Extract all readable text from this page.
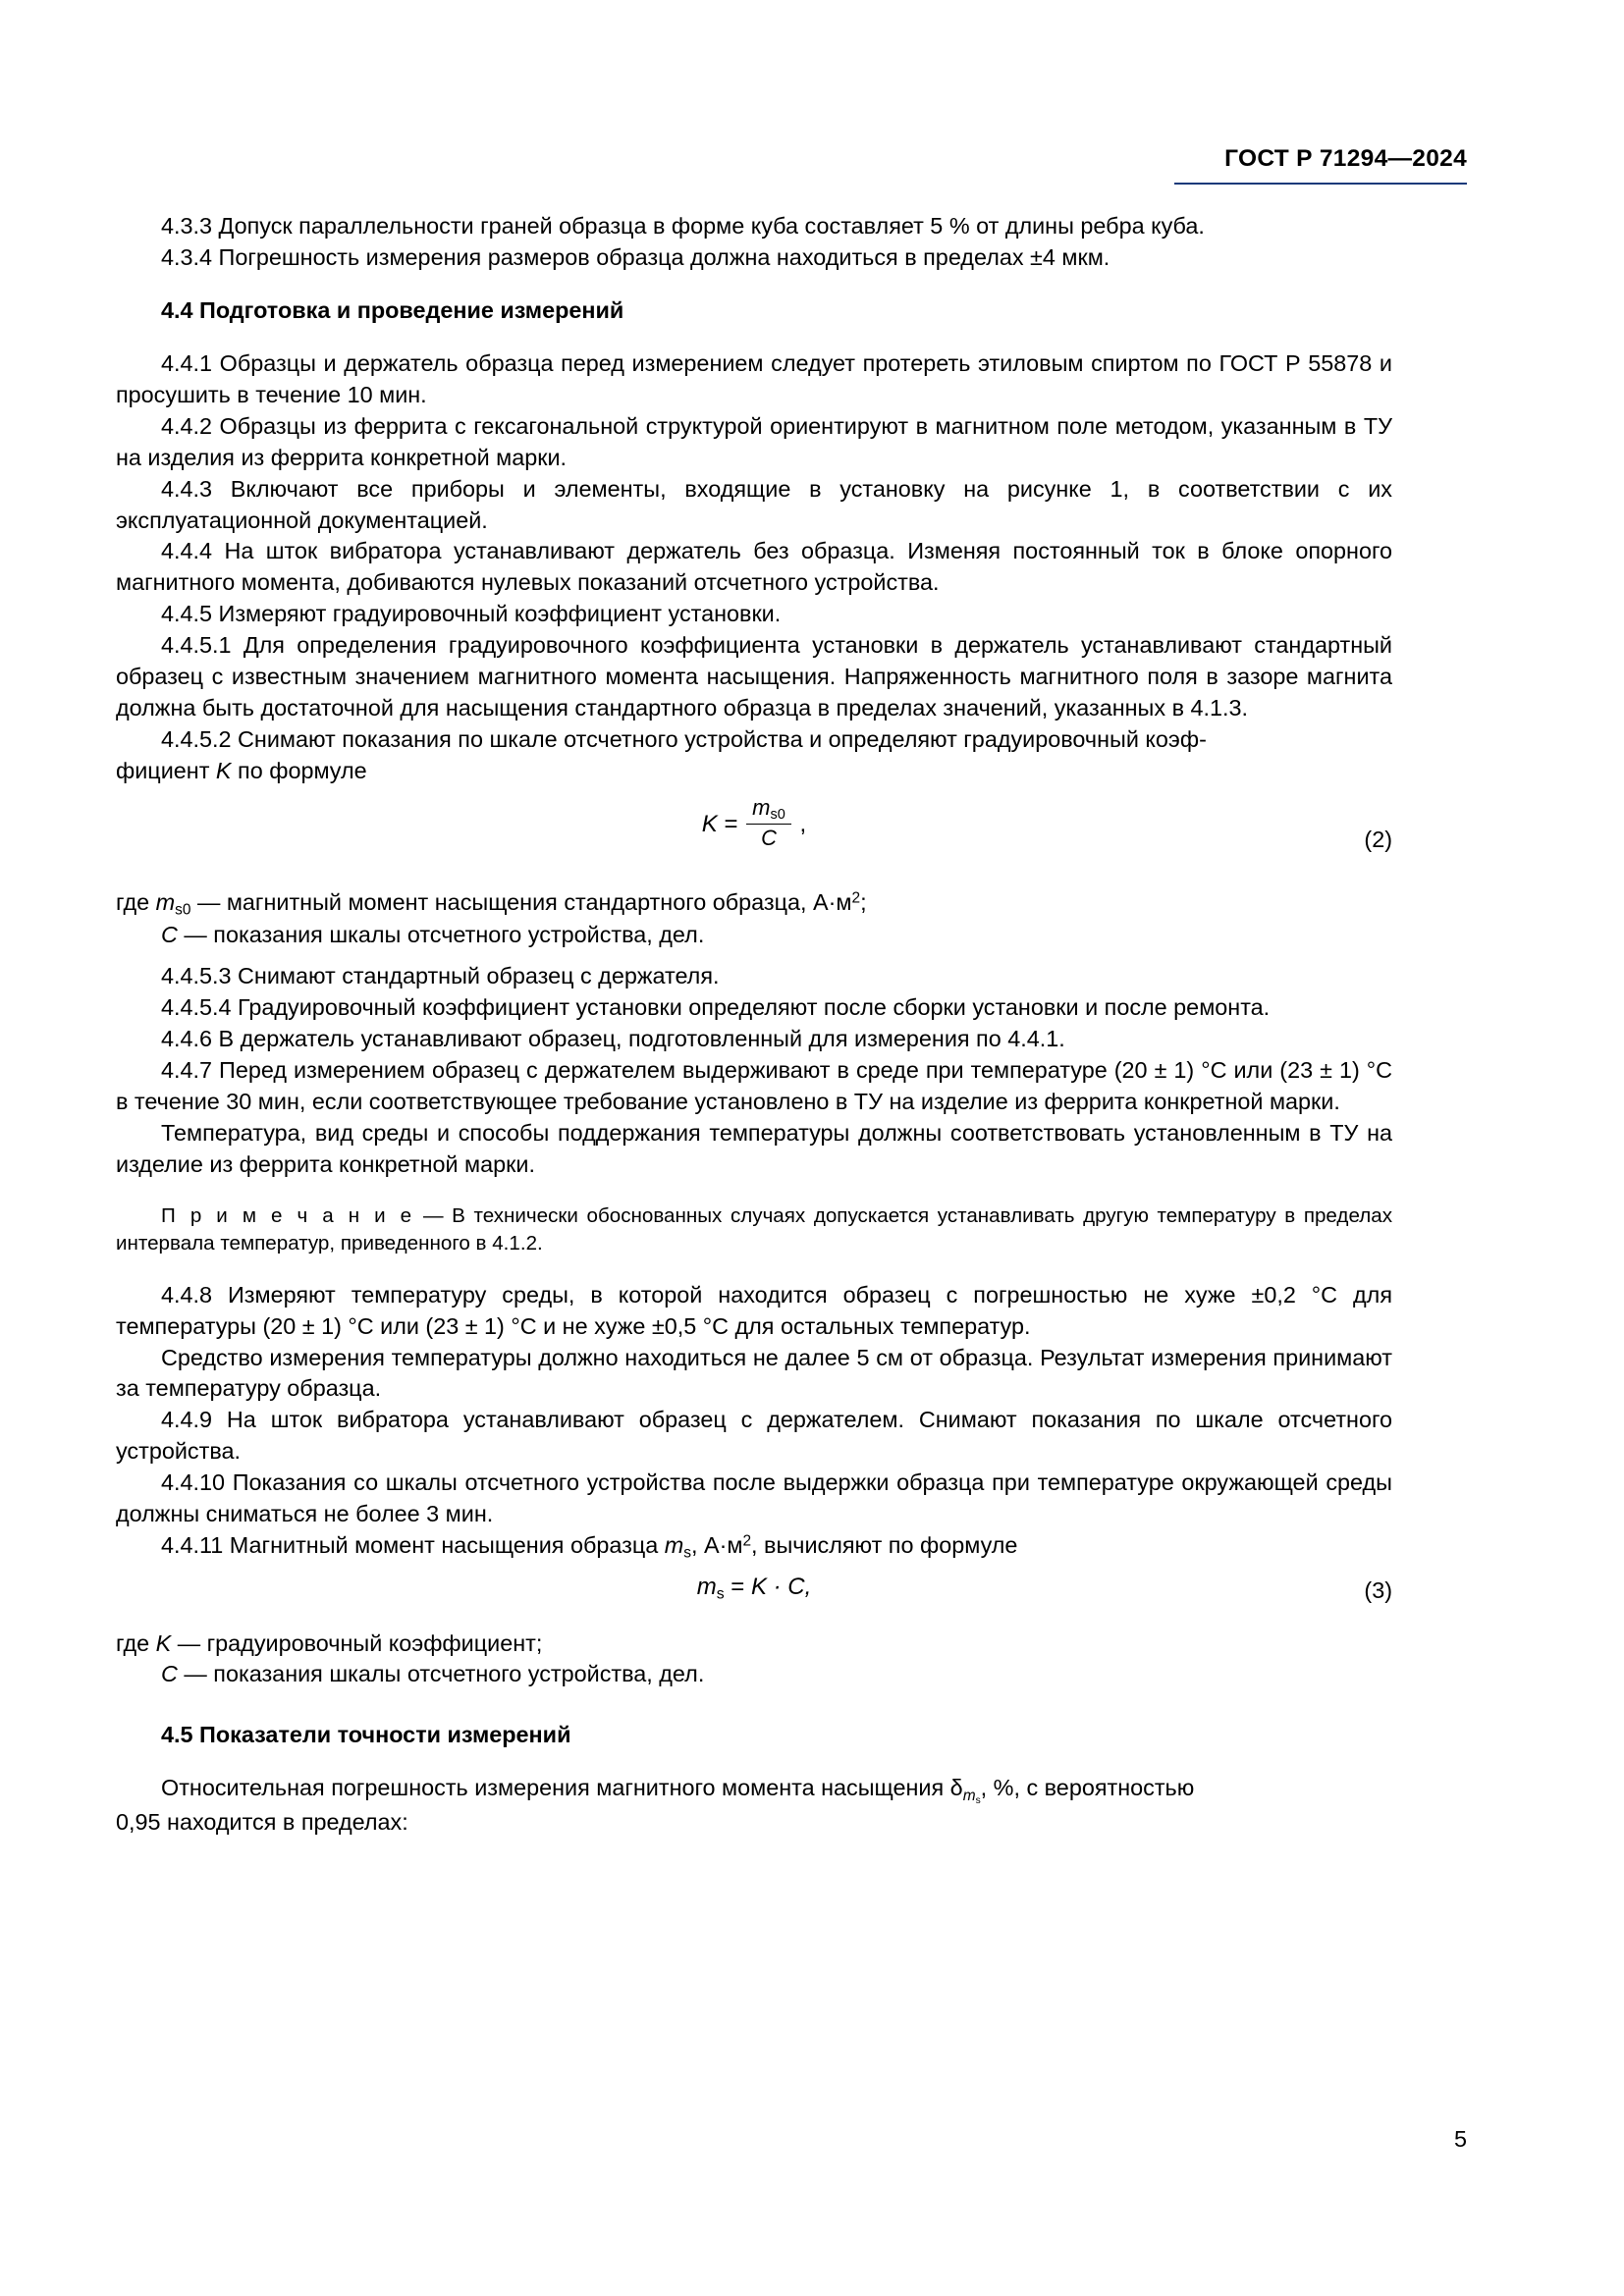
ГОСТ Р 71294—2024

4.3.3 Допуск параллельности граней образца в форме куба составляет 5 % от длины ребра куба.

4.3.4 Погрешность измерения размеров образца должна находиться в пределах ±4 мкм.

4.4 Подготовка и проведение измерений

4.4.1 Образцы и держатель образца перед измерением следует протереть этиловым спиртом по ГОСТ Р 55878 и просушить в течение 10 мин.

4.4.2 Образцы из феррита с гексагональной структурой ориентируют в магнитном поле методом, указанным в ТУ на изделия из феррита конкретной марки.

4.4.3 Включают все приборы и элементы, входящие в установку на рисунке 1, в соответствии с их эксплуатационной документацией.

4.4.4 На шток вибратора устанавливают держатель без образца. Изменяя постоянный ток в блоке опорного магнитного момента, добиваются нулевых показаний отсчетного устройства.

4.4.5 Измеряют градуировочный коэффициент установки.

4.4.5.1 Для определения градуировочного коэффициента установки в держатель устанавливают стандартный образец с известным значением магнитного момента насыщения. Напряженность магнитного поля в зазоре магнита должна быть достаточной для насыщения стандартного образца в пределах значений, указанных в 4.1.3.

4.4.5.2 Снимают показания по шкале отсчетного устройства и определяют градуировочный коэф-

фициент K по формуле

$K = \frac{m_{s0}}{C}$ ,
(2)

где $m_{s0}$ — магнитный момент насыщения стандартного образца, $А\cdot м^2$;

C — показания шкалы отсчетного устройства, дел.

4.4.5.3 Снимают стандартный образец с держателя.

4.4.5.4 Градуировочный коэффициент установки определяют после сборки установки и после ремонта.

4.4.6 В держатель устанавливают образец, подготовленный для измерения по 4.4.1.

4.4.7 Перед измерением образец с держателем выдерживают в среде при температуре (20 ± 1) °C или (23 ± 1) °C в течение 30 мин, если соответствующее требование установлено в ТУ на изделие из феррита конкретной марки.

Температура, вид среды и способы поддержания температуры должны соответствовать установленным в ТУ на изделие из феррита конкретной марки.

П р и м е ч а н и е — В технически обоснованных случаях допускается устанавливать другую температуру в пределах интервала температур, приведенного в 4.1.2.

4.4.8 Измеряют температуру среды, в которой находится образец с погрешностью не хуже ±0,2 °C для температуры (20 ± 1) °C или (23 ± 1) °C и не хуже ±0,5 °C для остальных температур.

Средство измерения температуры должно находиться не далее 5 см от образца. Результат измерения принимают за температуру образца.

4.4.9 На шток вибратора устанавливают образец с держателем. Снимают показания по шкале отсчетного устройства.

4.4.10 Показания со шкалы отсчетного устройства после выдержки образца при температуре окружающей среды должны сниматься не более 3 мин.

4.4.11 Магнитный момент насыщения образца $m_s$, $А\cdot м^2$, вычисляют по формуле

$m_s = K \cdot C$,	(3)

где K — градуировочный коэффициент;

C — показания шкалы отсчетного устройства, дел.

4.5 Показатели точности измерений

Относительная погрешность измерения магнитного момента насыщения $\delta_{m_s}$, %, с вероятностью

0,95 находится в пределах:

5
